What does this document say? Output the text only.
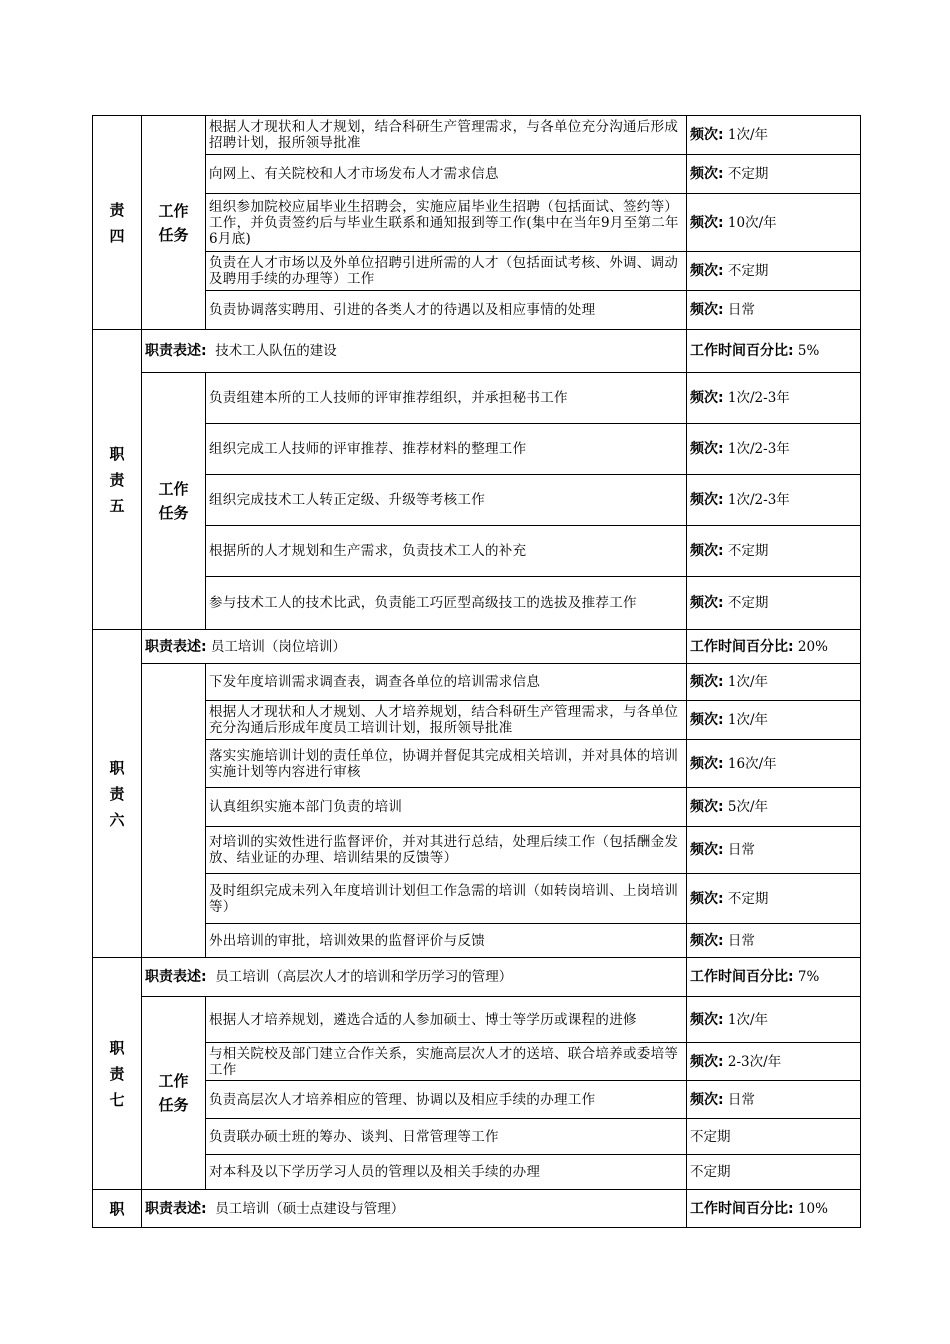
责
四	工作
任务	根据人才现状和人才规划，结合科研生产管理需求，与各单位充分沟通后形成招聘计划，报所领导批准	频次: 1次/年
		向网上、有关院校和人才市场发布人才需求信息	频次: 不定期
		组织参加院校应届毕业生招聘会，实施应届毕业生招聘（包括面试、签约等）工作，并负责签约后与毕业生联系和通知报到等工作(集中在当年9月至第二年6月底)	频次: 10次/年
		负责在人才市场以及外单位招聘引进所需的人才（包括面试考核、外调、调动及聘用手续的办理等）工作	频次: 不定期
		负责协调落实聘用、引进的各类人才的待遇以及相应事情的处理	频次: 日常
职
责
五	职责表述: 技术工人队伍的建设		工作时间百分比: 5%
	工作
任务	负责组建本所的工人技师的评审推荐组织，并承担秘书工作	频次: 1次/2-3年
		组织完成工人技师的评审推荐、推荐材料的整理工作	频次: 1次/2-3年
		组织完成技术工人转正定级、升级等考核工作	频次: 1次/2-3年
		根据所的人才规划和生产需求，负责技术工人的补充	频次: 不定期
		参与技术工人的技术比武，负责能工巧匠型高级技工的选拔及推荐工作	频次: 不定期
职
责
六	职责表述: 员工培训（岗位培训）		工作时间百分比: 20%
		下发年度培训需求调查表，调查各单位的培训需求信息	频次: 1次/年
		根据人才现状和人才规划、人才培养规划，结合科研生产管理需求，与各单位充分沟通后形成年度员工培训计划，报所领导批准	频次: 1次/年
		落实实施培训计划的责任单位，协调并督促其完成相关培训，并对具体的培训实施计划等内容进行审核	频次: 16次/年
		认真组织实施本部门负责的培训	频次: 5次/年
		对培训的实效性进行监督评价，并对其进行总结，处理后续工作（包括酬金发放、结业证的办理、培训结果的反馈等）	频次: 日常
		及时组织完成未列入年度培训计划但工作急需的培训（如转岗培训、上岗培训等）	频次: 不定期
		外出培训的审批，培训效果的监督评价与反馈	频次: 日常
职
责
七	职责表述: 员工培训（高层次人才的培训和学历学习的管理）		工作时间百分比: 7%
	工作
任务	根据人才培养规划，遴选合适的人参加硕士、博士等学历或课程的进修	频次: 1次/年
		与相关院校及部门建立合作关系，实施高层次人才的送培、联合培养或委培等工作	频次: 2-3次/年
		负责高层次人才培养相应的管理、协调以及相应手续的办理工作	频次: 日常
		负责联办硕士班的筹办、谈判、日常管理等工作	不定期
		对本科及以下学历学习人员的管理以及相关手续的办理	不定期
职	职责表述: 员工培训（硕士点建设与管理）		工作时间百分比: 10%
